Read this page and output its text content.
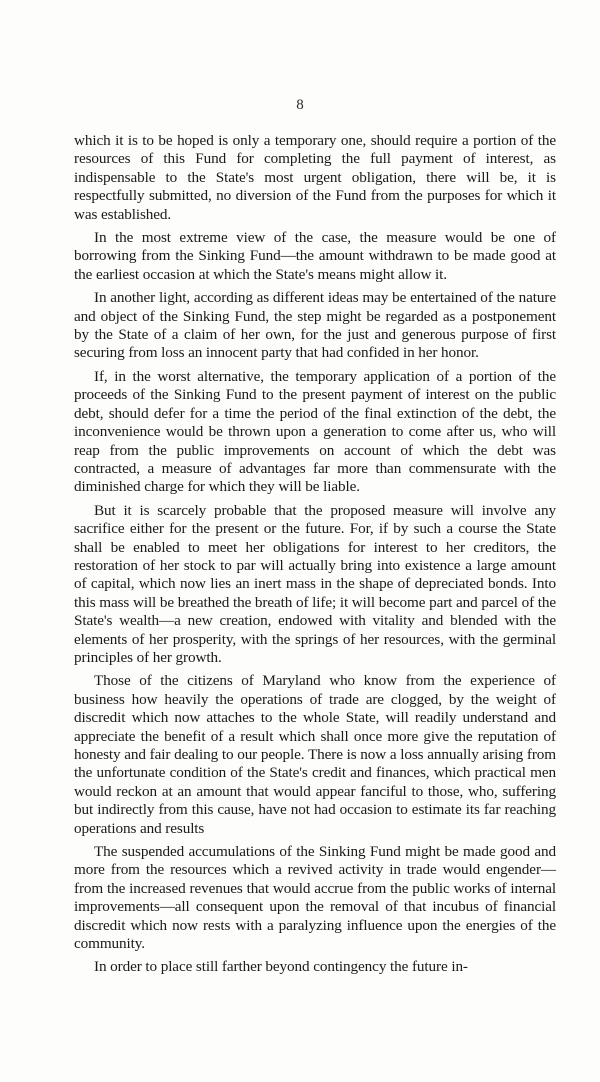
8

which it is to be hoped is only a temporary one, should require a portion of the resources of this Fund for completing the full payment of interest, as indispensable to the State's most urgent obligation, there will be, it is respectfully submitted, no diversion of the Fund from the purposes for which it was established.

In the most extreme view of the case, the measure would be one of borrowing from the Sinking Fund—the amount withdrawn to be made good at the earliest occasion at which the State's means might allow it.

In another light, according as different ideas may be entertained of the nature and object of the Sinking Fund, the step might be regarded as a postponement by the State of a claim of her own, for the just and generous purpose of first securing from loss an innocent party that had confided in her honor.

If, in the worst alternative, the temporary application of a portion of the proceeds of the Sinking Fund to the present payment of interest on the public debt, should defer for a time the period of the final extinction of the debt, the inconvenience would be thrown upon a generation to come after us, who will reap from the public improvements on account of which the debt was contracted, a measure of advantages far more than commensurate with the diminished charge for which they will be liable.

But it is scarcely probable that the proposed measure will involve any sacrifice either for the present or the future. For, if by such a course the State shall be enabled to meet her obligations for interest to her creditors, the restoration of her stock to par will actually bring into existence a large amount of capital, which now lies an inert mass in the shape of depreciated bonds. Into this mass will be breathed the breath of life; it will become part and parcel of the State's wealth—a new creation, endowed with vitality and blended with the elements of her prosperity, with the springs of her resources, with the germinal principles of her growth.

Those of the citizens of Maryland who know from the experience of business how heavily the operations of trade are clogged, by the weight of discredit which now attaches to the whole State, will readily understand and appreciate the benefit of a result which shall once more give the reputation of honesty and fair dealing to our people. There is now a loss annually arising from the unfortunate condition of the State's credit and finances, which practical men would reckon at an amount that would appear fanciful to those, who, suffering but indirectly from this cause, have not had occasion to estimate its far reaching operations and results

The suspended accumulations of the Sinking Fund might be made good and more from the resources which a revived activity in trade would engender—from the increased revenues that would accrue from the public works of internal improvements—all consequent upon the removal of that incubus of financial discredit which now rests with a paralyzing influence upon the energies of the community.

In order to place still farther beyond contingency the future in-
